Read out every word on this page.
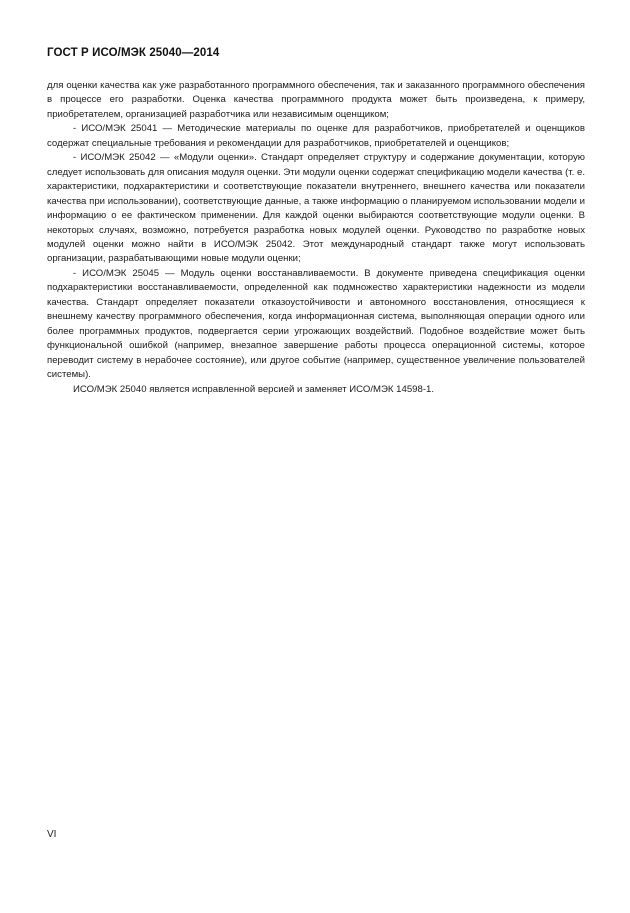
ГОСТ Р ИСО/МЭК 25040—2014

для оценки качества как уже разработанного программного обеспечения, так и заказанного программного обеспечения в процессе его разработки. Оценка качества программного продукта может быть произведена, к примеру, приобретателем, организацией разработчика или независимым оценщиком;

- ИСО/МЭК 25041 — Методические материалы по оценке для разработчиков, приобретателей и оценщиков содержат специальные требования и рекомендации для разработчиков, приобретателей и оценщиков;

- ИСО/МЭК 25042 — «Модули оценки». Стандарт определяет структуру и содержание документации, которую следует использовать для описания модуля оценки. Эти модули оценки содержат спецификацию модели качества (т. е. характеристики, подхарактеристики и соответствующие показатели внутреннего, внешнего качества или показатели качества при использовании), соответствующие данные, а также информацию о планируемом использовании модели и информацию о ее фактическом применении. Для каждой оценки выбираются соответствующие модули оценки. В некоторых случаях, возможно, потребуется разработка новых модулей оценки. Руководство по разработке новых модулей оценки можно найти в ИСО/МЭК 25042. Этот международный стандарт также могут использовать организации, разрабатывающими новые модули оценки;

- ИСО/МЭК 25045 — Модуль оценки восстанавливаемости. В документе приведена спецификация оценки подхарактеристики восстанавливаемости, определенной как подмножество характеристики надежности из модели качества. Стандарт определяет показатели отказоустойчивости и автономного восстановления, относящиеся к внешнему качеству программного обеспечения, когда информационная система, выполняющая операции одного или более программных продуктов, подвергается серии угрожающих воздействий. Подобное воздействие может быть функциональной ошибкой (например, внезапное завершение работы процесса операционной системы, которое переводит систему в нерабочее состояние), или другое событие (например, существенное увеличение пользователей системы).

ИСО/МЭК 25040 является исправленной версией и заменяет ИСО/МЭК 14598-1.

VI
